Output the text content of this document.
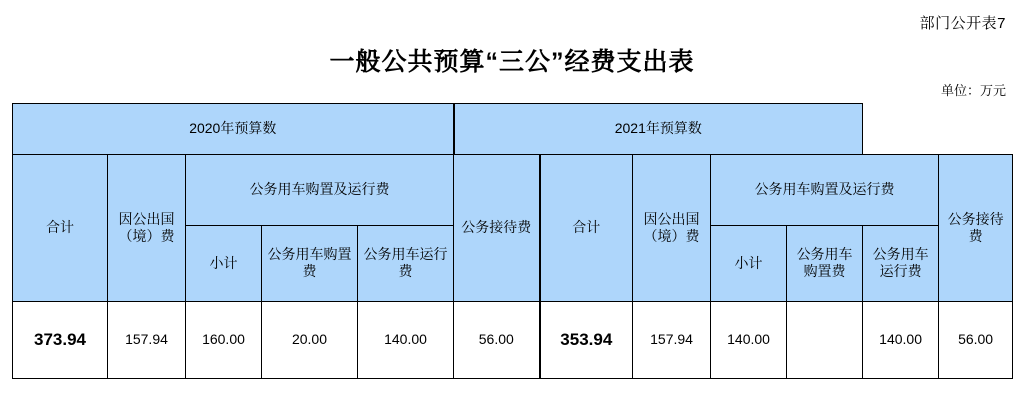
部门公开表7
一般公共预算“三公”经费支出表
单位：万元
2020年预算数					2021年预算数						
合计	因公出国（境）费	公务用车购置及运行费			公务接待费	合计	因公出国（境）费	公务用车购置及运行费			公务接待费
		小计	公务用车购置费	公务用车运行费				小计	公务用车购置费	公务用车运行费	
373.94	157.94	160.00	20.00	140.00	56.00	353.94	157.94	140.00		140.00	56.00
